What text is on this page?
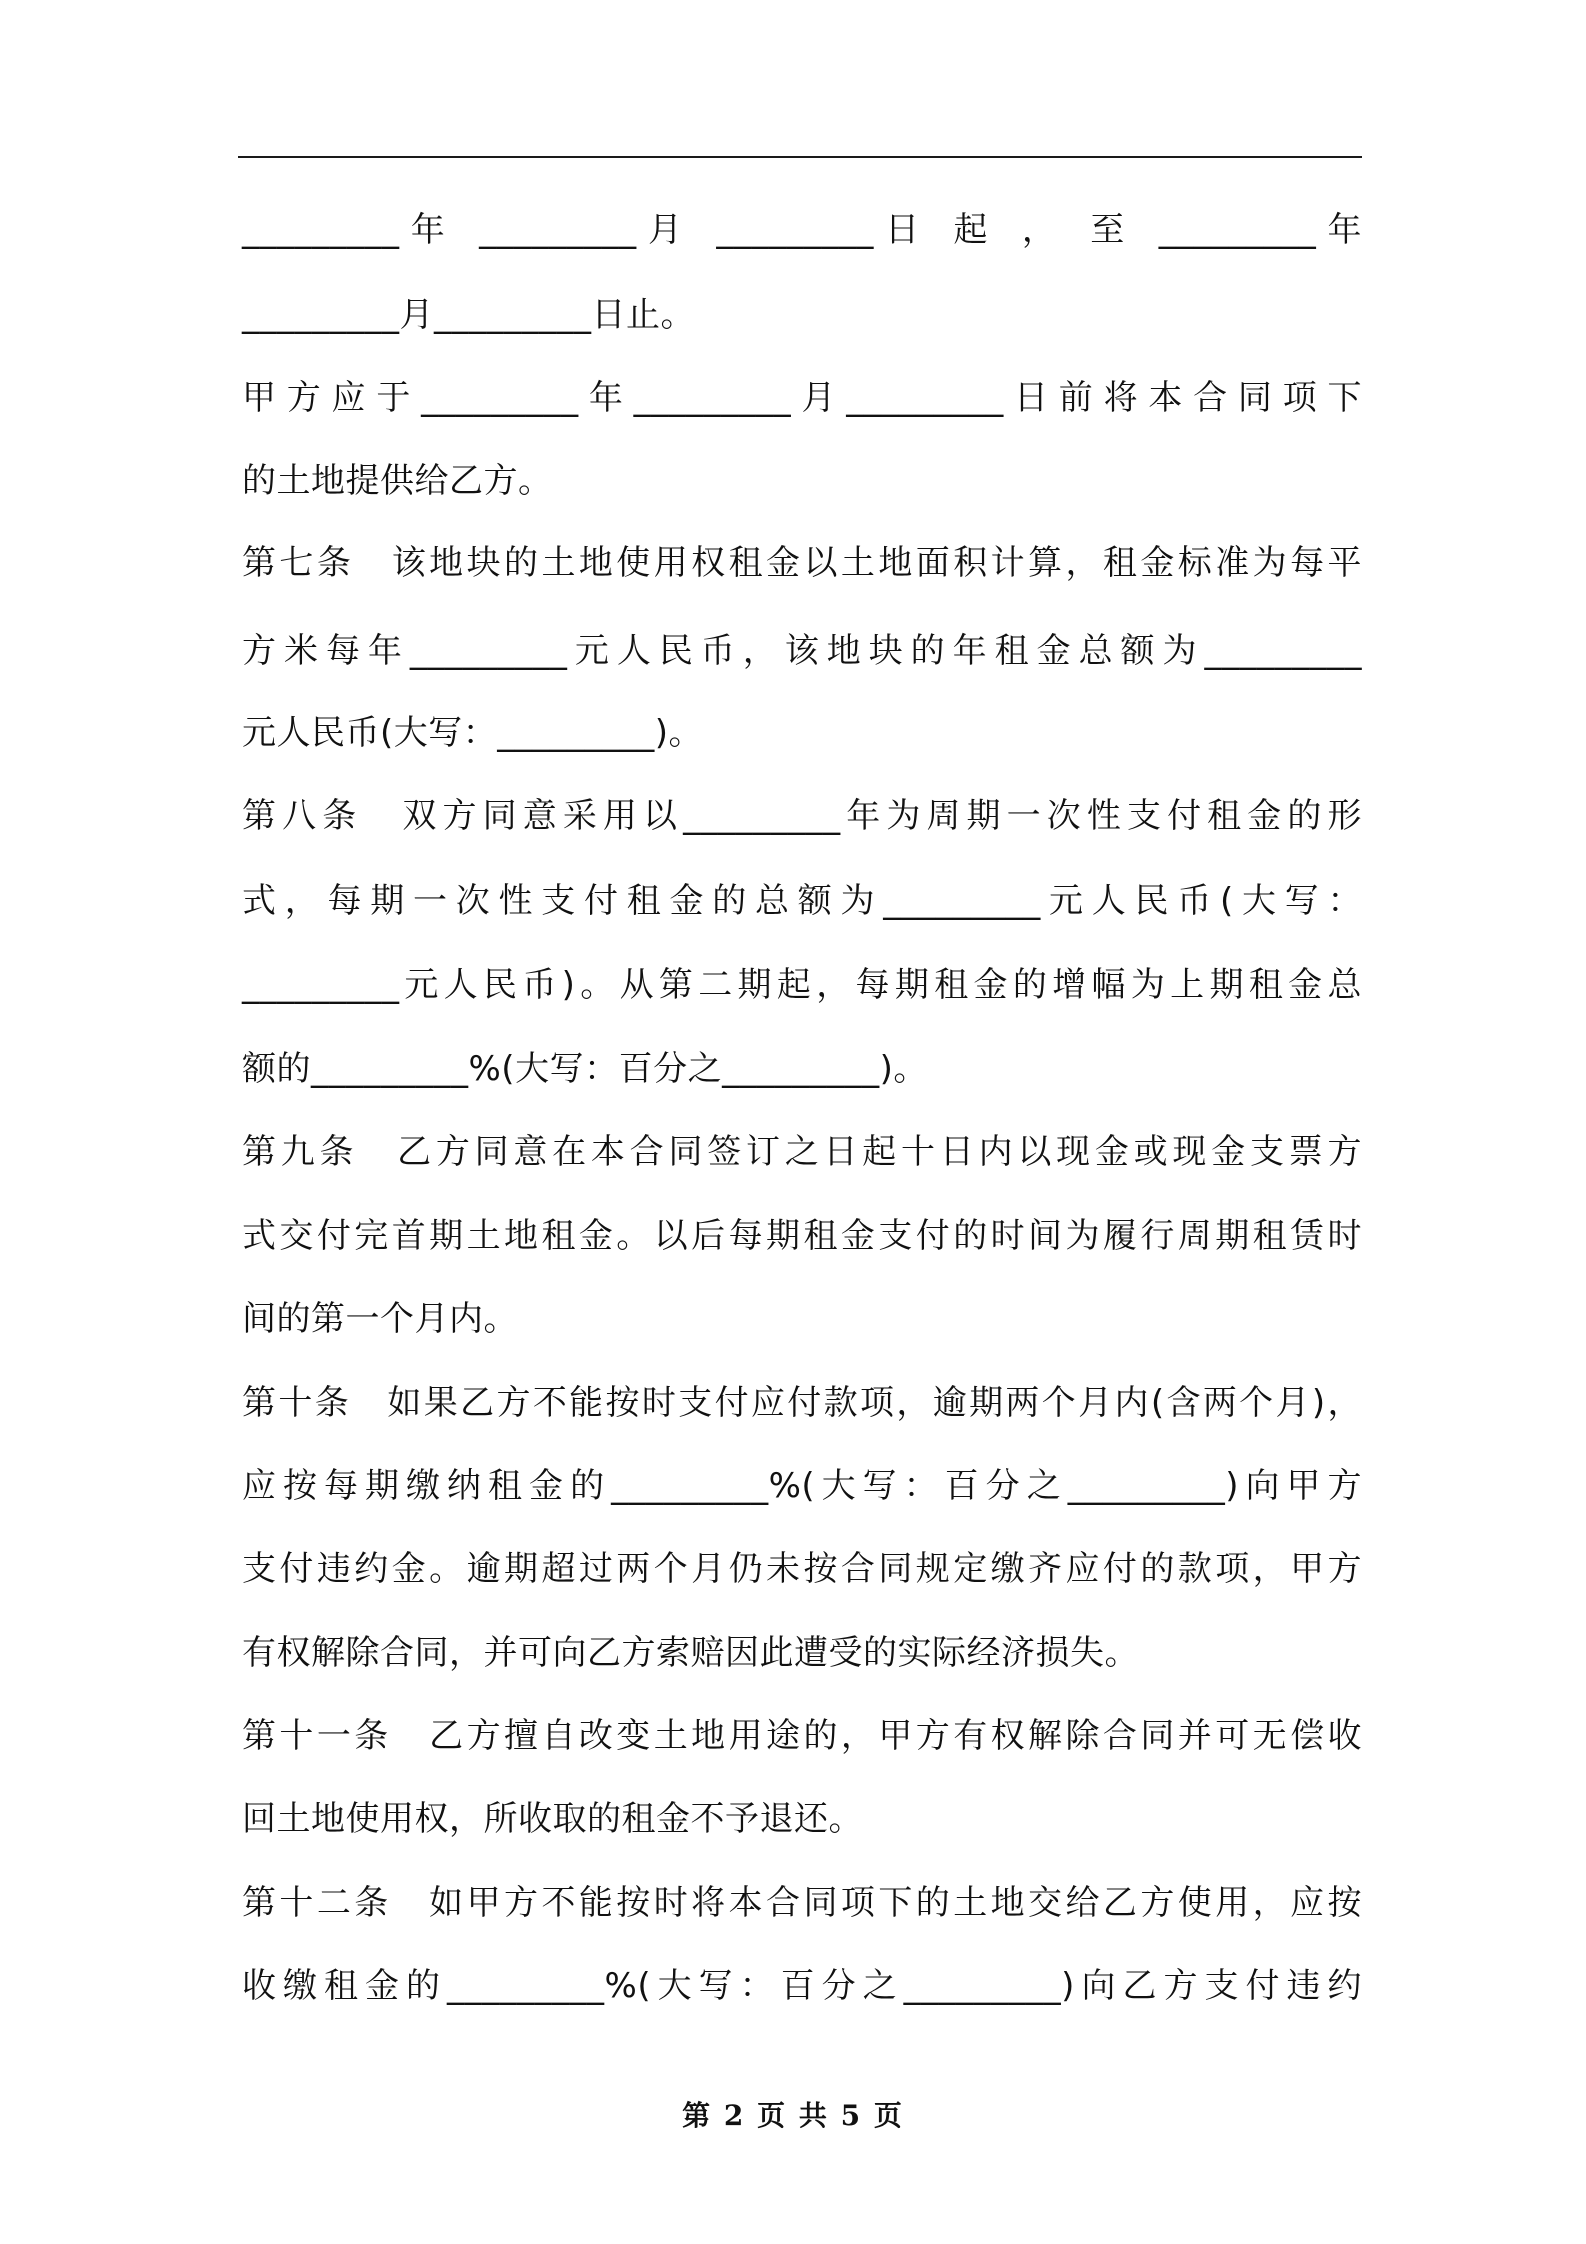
_________年 _________月 _________日 起 ， 至 _________年
_________月_________日止。
甲方应于_________年_________月_________日前将本合同项下
的土地提供给乙方。
第七条　该地块的土地使用权租金以土地面积计算，租金标准为每平
方米每年_________元人民币，该地块的年租金总额为_________
元人民币(大写：_________)。
第八条　双方同意采用以_________年为周期一次性支付租金的形
式，每期一次性支付租金的总额为_________元人民币(大写：
_________元人民币)。从第二期起，每期租金的增幅为上期租金总
额的_________%(大写：百分之_________)。
第九条　乙方同意在本合同签订之日起十日内以现金或现金支票方
式交付完首期土地租金。以后每期租金支付的时间为履行周期租赁时
间的第一个月内。
第十条　如果乙方不能按时支付应付款项，逾期两个月内(含两个月)，
应按每期缴纳租金的_________%(大写：百分之_________)向甲方
支付违约金。逾期超过两个月仍未按合同规定缴齐应付的款项，甲方
有权解除合同，并可向乙方索赔因此遭受的实际经济损失。
第十一条　乙方擅自改变土地用途的，甲方有权解除合同并可无偿收
回土地使用权，所收取的租金不予退还。
第十二条　如甲方不能按时将本合同项下的土地交给乙方使用，应按
收缴租金的_________%(大写：百分之_________)向乙方支付违约
第 2 页 共 5 页
